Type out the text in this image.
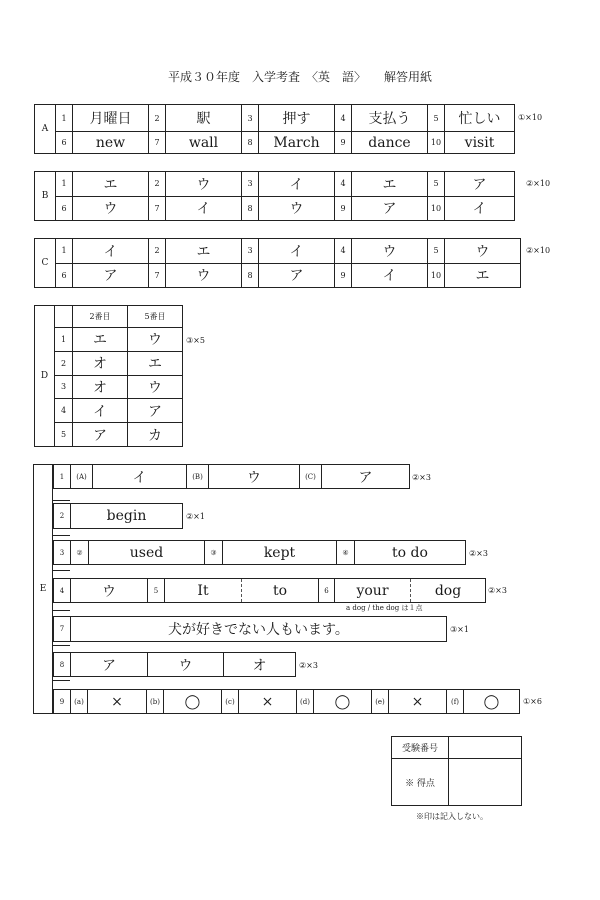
平成３０年度　入学考査　〈英　語〉　　解答用紙
A	1	月曜日	2	駅	3	押す	4	支払う	5	忙しい
	6	new	7	wall	8	March	9	dance	10	visit
①×10
B	1	エ	2	ウ	3	イ	4	エ	5	ア
	6	ウ	7	イ	8	ウ	9	ア	10	イ
②×10
C	1	イ	2	エ	3	イ	4	ウ	5	ウ
	6	ア	7	ウ	8	ア	9	イ	10	エ
②×10
D		2番目	5番目
	1	エ	ウ
	2	オ	エ
	3	オ	ウ
	4	イ	ア
	5	ア	カ
③×5
E
1	(A)	イ	(B)	ウ	(C)	ア	②×3
2	begin	②×1
3	②	used	③	kept	④	to do	②×3
4	ウ	5	It	to	6	your	dog	②×3
a dog / the dog は１点
7	犬が好きでない人もいます。	③×1
8	ア	ウ	オ	②×3
9	(a)	×	(b)	◯	(c)	×	(d)	◯	(e)	×	(f)	◯	①×6
受験番号	
※ 得点	
※印は記入しない。
